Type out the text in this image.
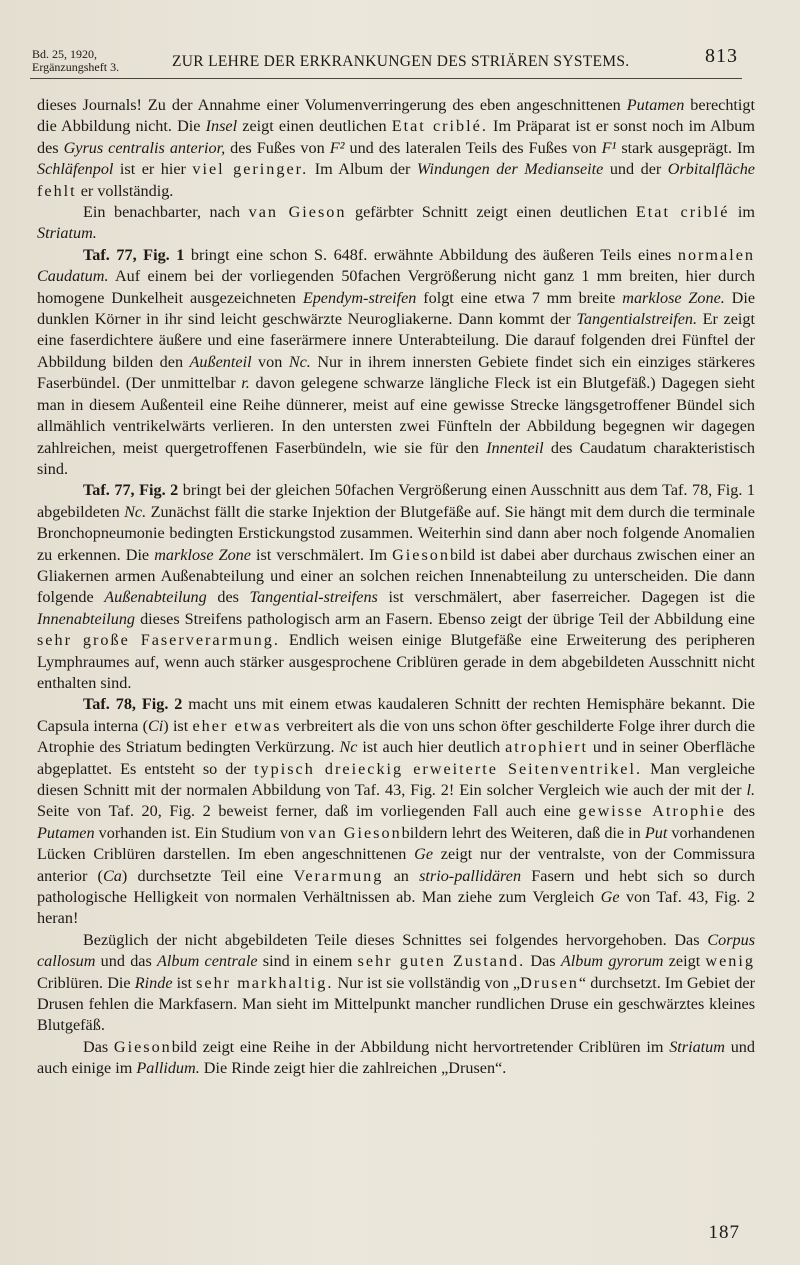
Bd. 25, 1920,
Ergänzungsheft 3.	ZUR LEHRE DER ERKRANKUNGEN DES STRIÄREN SYSTEMS.	813

dieses Journals! Zu der Annahme einer Volumenverringerung des eben angeschnittenen Putamen berechtigt die Abbildung nicht. Die Insel zeigt einen deutlichen Etat criblé. Im Präparat ist er sonst noch im Album des Gyrus centralis anterior, des Fußes von F² und des lateralen Teils des Fußes von F¹ stark ausgeprägt. Im Schläfenpol ist er hier viel geringer. Im Album der Windungen der Medianseite und der Orbitalfläche fehlt er vollständig.

Ein benachbarter, nach van Gieson gefärbter Schnitt zeigt einen deutlichen Etat criblé im Striatum.

Taf. 77, Fig. 1 bringt eine schon S. 648f. erwähnte Abbildung des äußeren Teils eines normalen Caudatum. Auf einem bei der vorliegenden 50fachen Vergrößerung nicht ganz 1 mm breiten, hier durch homogene Dunkelheit ausgezeichneten Ependym-streifen folgt eine etwa 7 mm breite marklose Zone. Die dunklen Körner in ihr sind leicht geschwärzte Neurogliakerne. Dann kommt der Tangentialstreifen. Er zeigt eine faserdichtere äußere und eine faserärmere innere Unterabteilung. Die darauf folgenden drei Fünftel der Abbildung bilden den Außenteil von Nc. Nur in ihrem innersten Gebiete findet sich ein einziges stärkeres Faserbündel. (Der unmittelbar r. davon gelegene schwarze längliche Fleck ist ein Blutgefäß.) Dagegen sieht man in diesem Außenteil eine Reihe dünnerer, meist auf eine gewisse Strecke längsgetroffener Bündel sich allmählich ventrikelwärts verlieren. In den untersten zwei Fünfteln der Abbildung begegnen wir dagegen zahlreichen, meist quergetroffenen Faserbündeln, wie sie für den Innenteil des Caudatum charakteristisch sind.

Taf. 77, Fig. 2 bringt bei der gleichen 50fachen Vergrößerung einen Ausschnitt aus dem Taf. 78, Fig. 1 abgebildeten Nc. Zunächst fällt die starke Injektion der Blutgefäße auf. Sie hängt mit dem durch die terminale Bronchopneumonie bedingten Erstickungstod zusammen. Weiterhin sind dann aber noch folgende Anomalien zu erkennen. Die marklose Zone ist verschmälert. Im Giesonbild ist dabei aber durchaus zwischen einer an Gliakernen armen Außenabteilung und einer an solchen reichen Innenabteilung zu unterscheiden. Die dann folgende Außenabteilung des Tangential-streifens ist verschmälert, aber faserreicher. Dagegen ist die Innenabteilung dieses Streifens pathologisch arm an Fasern. Ebenso zeigt der übrige Teil der Abbildung eine sehr große Faserverarmung. Endlich weisen einige Blutgefäße eine Erweiterung des peripheren Lymphraumes auf, wenn auch stärker ausgesprochene Criblüren gerade in dem abgebildeten Ausschnitt nicht enthalten sind.

Taf. 78, Fig. 2 macht uns mit einem etwas kaudaleren Schnitt der rechten Hemisphäre bekannt. Die Capsula interna (Ci) ist eher etwas verbreitert als die von uns schon öfter geschilderte Folge ihrer durch die Atrophie des Striatum bedingten Verkürzung. Nc ist auch hier deutlich atrophiert und in seiner Oberfläche abgeplattet. Es entsteht so der typisch dreieckig erweiterte Seitenventrikel. Man vergleiche diesen Schnitt mit der normalen Abbildung von Taf. 43, Fig. 2! Ein solcher Vergleich wie auch der mit der l. Seite von Taf. 20, Fig. 2 beweist ferner, daß im vorliegenden Fall auch eine gewisse Atrophie des Putamen vorhanden ist. Ein Studium von van Giesonbildern lehrt des Weiteren, daß die in Put vorhandenen Lücken Criblüren darstellen. Im eben angeschnittenen Ge zeigt nur der ventralste, von der Commissura anterior (Ca) durchsetzte Teil eine Verarmung an strio-pallidären Fasern und hebt sich so durch pathologische Helligkeit von normalen Verhältnissen ab. Man ziehe zum Vergleich Ge von Taf. 43, Fig. 2 heran!

Bezüglich der nicht abgebildeten Teile dieses Schnittes sei folgendes hervorgehoben. Das Corpus callosum und das Album centrale sind in einem sehr guten Zustand. Das Album gyrorum zeigt wenig Criblüren. Die Rinde ist sehr markhaltig. Nur ist sie vollständig von „Drusen“ durchsetzt. Im Gebiet der Drusen fehlen die Markfasern. Man sieht im Mittelpunkt mancher rundlichen Druse ein geschwärztes kleines Blutgefäß.

Das Giesonbild zeigt eine Reihe in der Abbildung nicht hervortretender Criblüren im Striatum und auch einige im Pallidum. Die Rinde zeigt hier die zahlreichen „Drusen“.

187
